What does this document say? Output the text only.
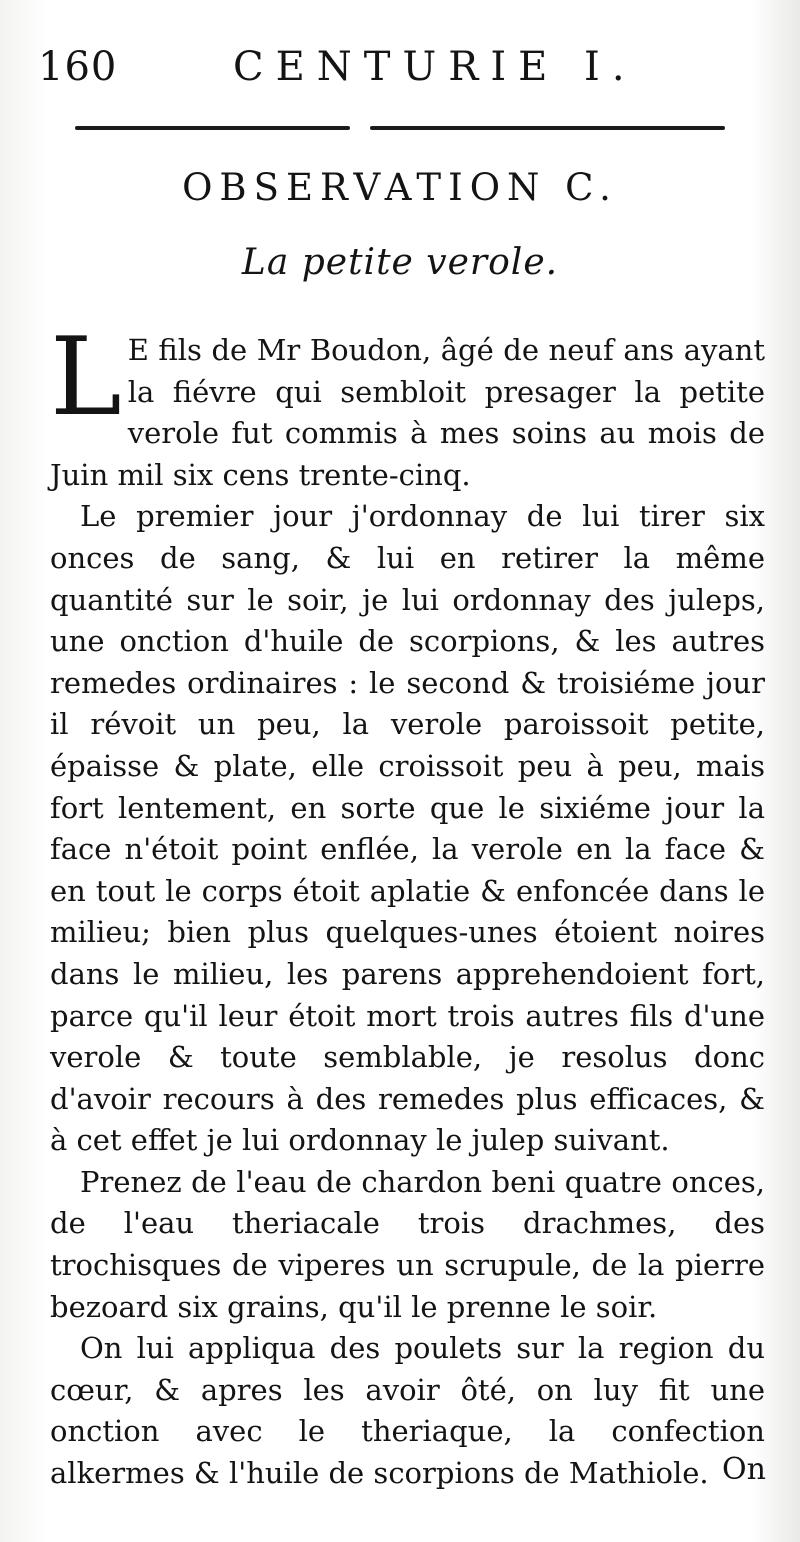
160	CENTURIE I.
OBSERVATION C.
La petite verole.

L E fils de Mr Boudon, âgé de neuf ans ayant la fiévre qui sembloit presager la petite verole fut commis à mes soins au mois de Juin mil six cens trente-cinq.

Le premier jour j'ordonnay de lui tirer six onces de sang, & lui en retirer la même quantité sur le soir, je lui ordonnay des juleps, une onction d'huile de scorpions, & les autres remedes ordinaires : le second & troisiéme jour il révoit un peu, la verole paroissoit petite, épaisse & plate, elle croissoit peu à peu, mais fort lentement, en sorte que le sixiéme jour la face n'étoit point enflée, la verole en la face & en tout le corps étoit aplatie & enfoncée dans le milieu; bien plus quelques-unes étoient noires dans le milieu, les parens apprehendoient fort, parce qu'il leur étoit mort trois autres fils d'une verole & toute semblable, je resolus donc d'avoir recours à des remedes plus efficaces, & à cet effet je lui ordonnay le julep suivant.

Prenez de l'eau de chardon beni quatre onces, de l'eau theriacale trois drachmes, des trochisques de viperes un scrupule, de la pierre bezoard six grains, qu'il le prenne le soir.

On lui appliqua des poulets sur la region du cœur, & apres les avoir ôté, on luy fit une onction avec le theriaque, la confection alkermes & l'huile de scorpions de Mathiole. On
